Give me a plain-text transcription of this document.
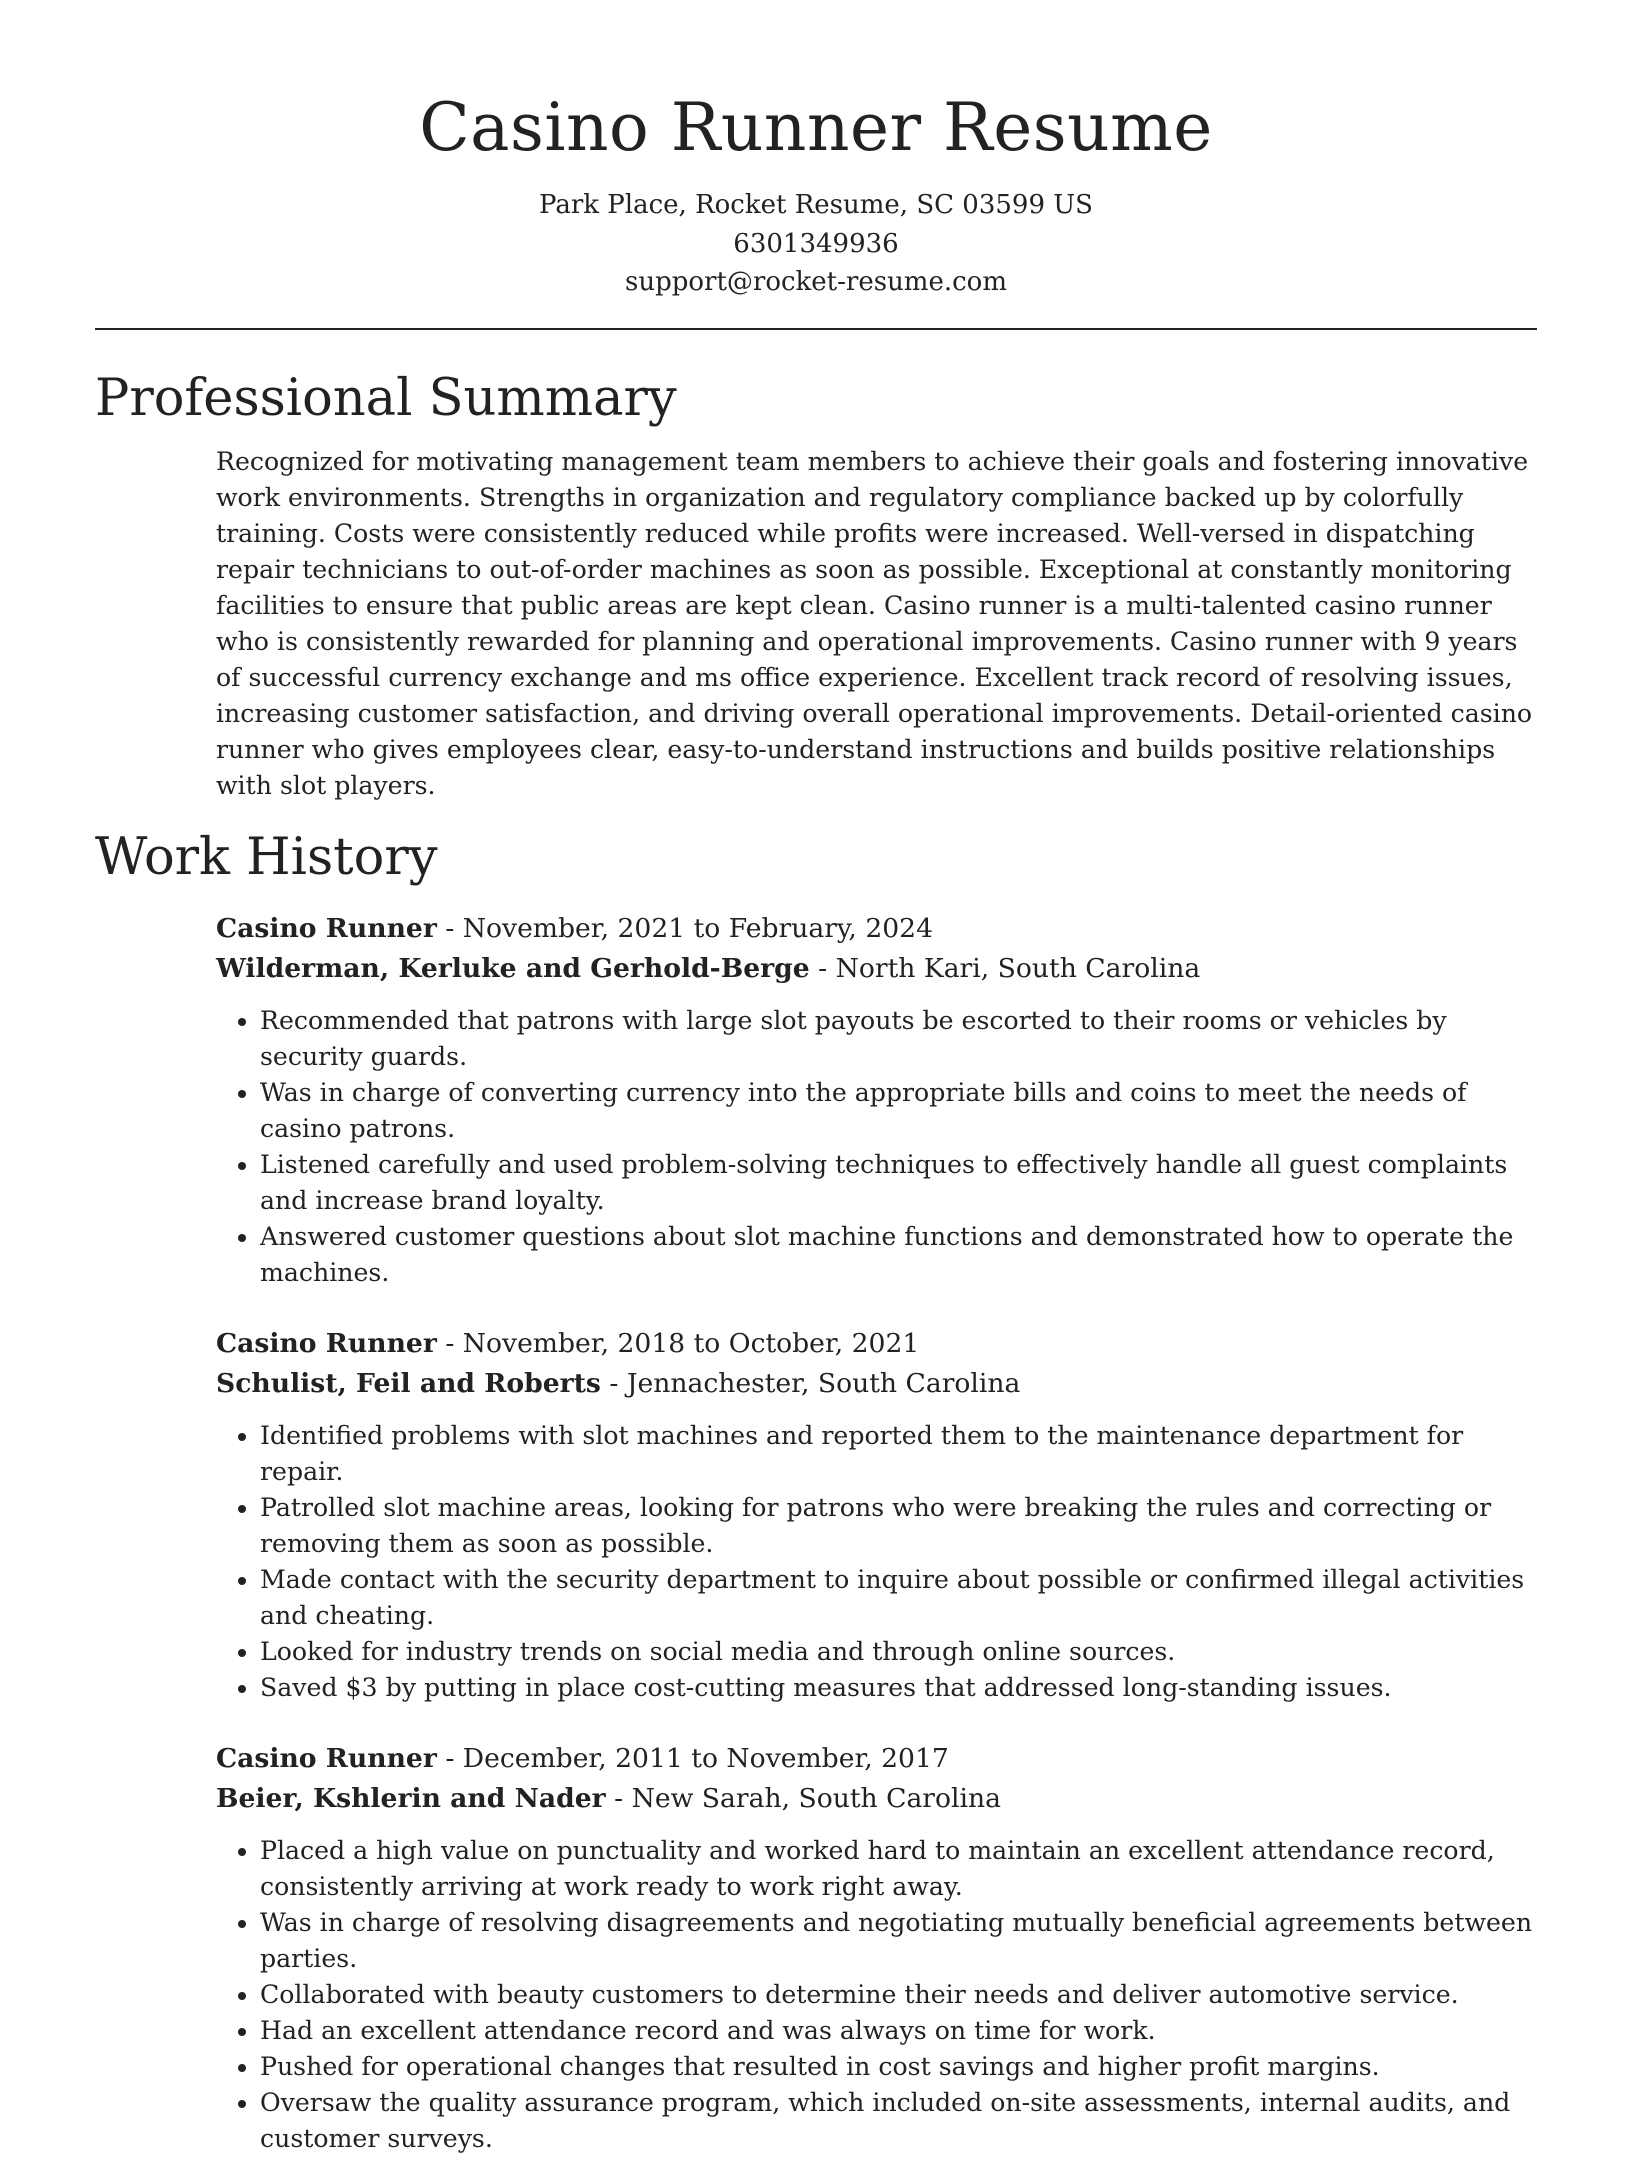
Casino Runner Resume
Park Place, Rocket Resume, SC 03599 US
6301349936
support@rocket-resume.com
Professional Summary

Recognized for motivating management team members to achieve their goals and fostering innovative work environments. Strengths in organization and regulatory compliance backed up by colorfully training. Costs were consistently reduced while profits were increased. Well-versed in dispatching repair technicians to out-of-order machines as soon as possible. Exceptional at constantly monitoring facilities to ensure that public areas are kept clean. Casino runner is a multi-talented casino runner who is consistently rewarded for planning and operational improvements. Casino runner with 9 years of successful currency exchange and ms office experience. Excellent track record of resolving issues, increasing customer satisfaction, and driving overall operational improvements. Detail-oriented casino runner who gives employees clear, easy-to-understand instructions and builds positive relationships with slot players.

Work History
Casino Runner - November, 2021 to February, 2024
Wilderman, Kerluke and Gerhold-Berge - North Kari, South Carolina
• Recommended that patrons with large slot payouts be escorted to their rooms or vehicles by security guards.
• Was in charge of converting currency into the appropriate bills and coins to meet the needs of casino patrons.
• Listened carefully and used problem-solving techniques to effectively handle all guest complaints and increase brand loyalty.
• Answered customer questions about slot machine functions and demonstrated how to operate the machines.
Casino Runner - November, 2018 to October, 2021
Schulist, Feil and Roberts - Jennachester, South Carolina
• Identified problems with slot machines and reported them to the maintenance department for repair.
• Patrolled slot machine areas, looking for patrons who were breaking the rules and correcting or removing them as soon as possible.
• Made contact with the security department to inquire about possible or confirmed illegal activities and cheating.
• Looked for industry trends on social media and through online sources.
• Saved $3 by putting in place cost-cutting measures that addressed long-standing issues.
Casino Runner - December, 2011 to November, 2017
Beier, Kshlerin and Nader - New Sarah, South Carolina
• Placed a high value on punctuality and worked hard to maintain an excellent attendance record, consistently arriving at work ready to work right away.
• Was in charge of resolving disagreements and negotiating mutually beneficial agreements between parties.
• Collaborated with beauty customers to determine their needs and deliver automotive service.
• Had an excellent attendance record and was always on time for work.
• Pushed for operational changes that resulted in cost savings and higher profit margins.
• Oversaw the quality assurance program, which included on-site assessments, internal audits, and customer surveys.
